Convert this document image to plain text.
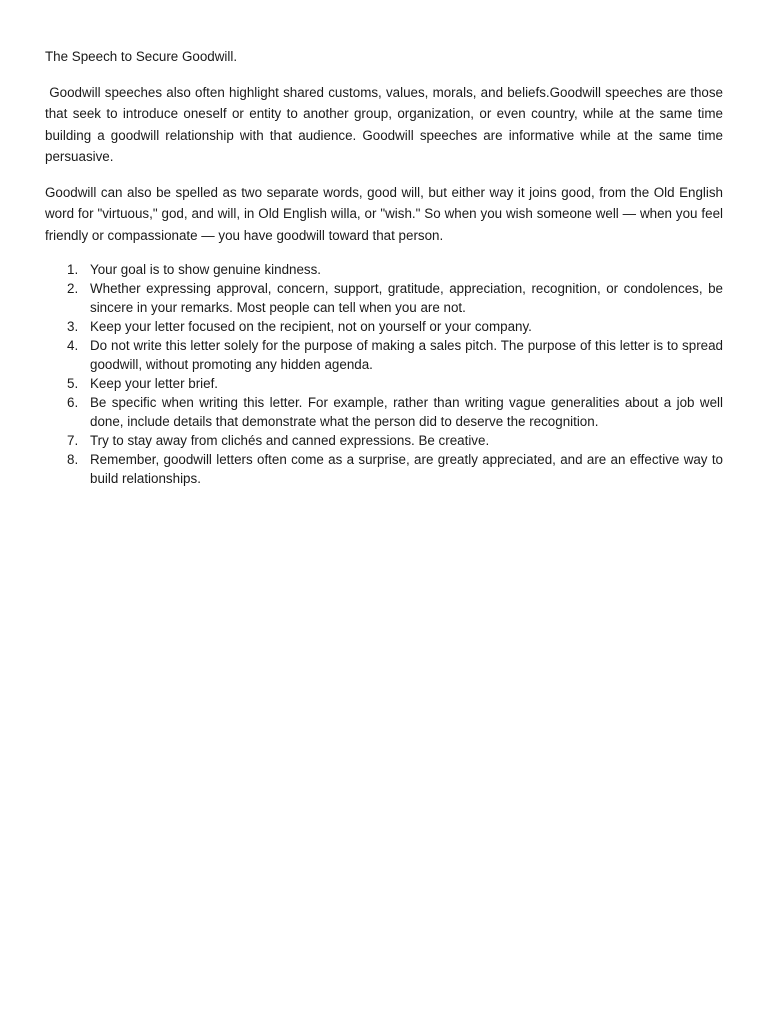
The Speech to Secure Goodwill.

Goodwill speeches also often highlight shared customs, values, morals, and beliefs.Goodwill speeches are those that seek to introduce oneself or entity to another group, organization, or even country, while at the same time building a goodwill relationship with that audience. Goodwill speeches are informative while at the same time persuasive.

Goodwill can also be spelled as two separate words, good will, but either way it joins good, from the Old English word for "virtuous," god, and will, in Old English willa, or "wish." So when you wish someone well — when you feel friendly or compassionate — you have goodwill toward that person.

1. Your goal is to show genuine kindness.
2. Whether expressing approval, concern, support, gratitude, appreciation, recognition, or condolences, be sincere in your remarks. Most people can tell when you are not.
3. Keep your letter focused on the recipient, not on yourself or your company.
4. Do not write this letter solely for the purpose of making a sales pitch. The purpose of this letter is to spread goodwill, without promoting any hidden agenda.
5. Keep your letter brief.
6. Be specific when writing this letter. For example, rather than writing vague generalities about a job well done, include details that demonstrate what the person did to deserve the recognition.
7. Try to stay away from clichés and canned expressions. Be creative.
8. Remember, goodwill letters often come as a surprise, are greatly appreciated, and are an effective way to build relationships.
